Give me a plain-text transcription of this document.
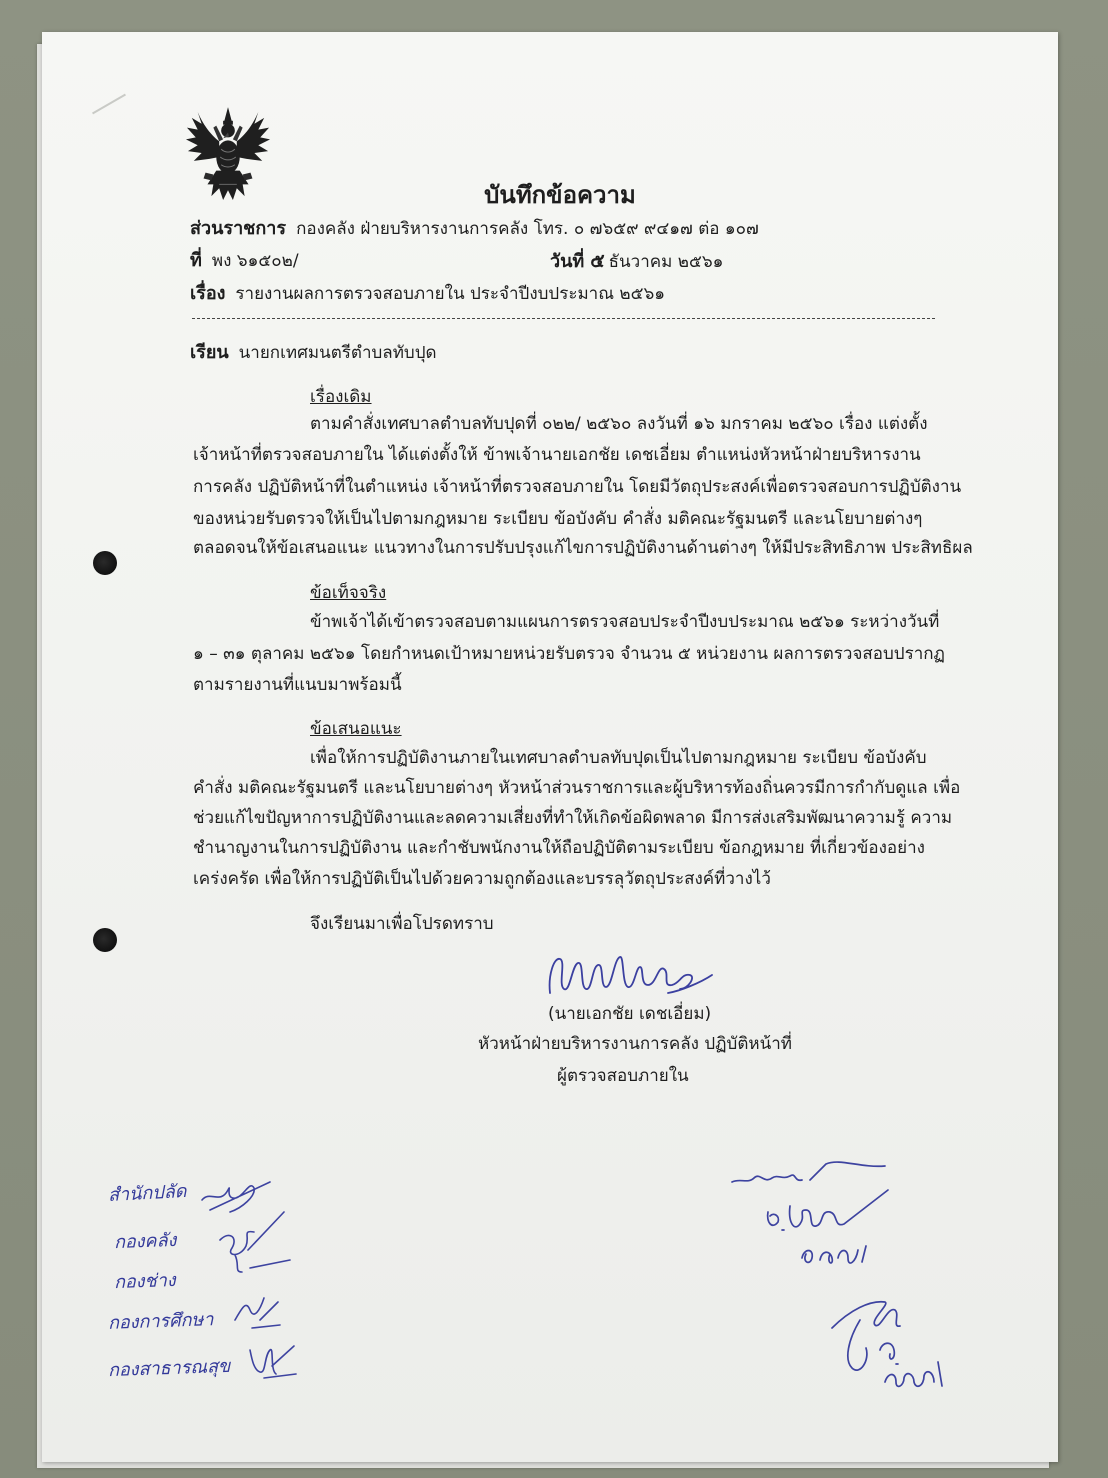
บันทึกข้อความ
ส่วนราชการ กองคลัง ฝ่ายบริหารงานการคลัง โทร. ๐ ๗๖๕๙ ๙๔๑๗ ต่อ ๑๐๗
ที่ พง ๖๑๕๐๒/	วันที่ ๕ ธันวาคม ๒๕๖๑
เรื่อง รายงานผลการตรวจสอบภายใน ประจำปีงบประมาณ ๒๕๖๑
เรียน นายกเทศมนตรีตำบลทับปุด
เรื่องเดิม
ตามคำสั่งเทศบาลตำบลทับปุดที่ ๐๒๒/ ๒๕๖๐ ลงวันที่ ๑๖ มกราคม ๒๕๖๐ เรื่อง แต่งตั้ง
เจ้าหน้าที่ตรวจสอบภายใน ได้แต่งตั้งให้ ข้าพเจ้านายเอกชัย เดชเอี่ยม ตำแหน่งหัวหน้าฝ่ายบริหารงาน
การคลัง ปฏิบัติหน้าที่ในตำแหน่ง เจ้าหน้าที่ตรวจสอบภายใน โดยมีวัตถุประสงค์เพื่อตรวจสอบการปฏิบัติงาน
ของหน่วยรับตรวจให้เป็นไปตามกฎหมาย ระเบียบ ข้อบังคับ คำสั่ง มติคณะรัฐมนตรี และนโยบายต่างๆ
ตลอดจนให้ข้อเสนอแนะ แนวทางในการปรับปรุงแก้ไขการปฏิบัติงานด้านต่างๆ ให้มีประสิทธิภาพ ประสิทธิผล
ข้อเท็จจริง
ข้าพเจ้าได้เข้าตรวจสอบตามแผนการตรวจสอบประจำปีงบประมาณ ๒๕๖๑ ระหว่างวันที่
๑ – ๓๑ ตุลาคม ๒๕๖๑ โดยกำหนดเป้าหมายหน่วยรับตรวจ จำนวน ๕ หน่วยงาน ผลการตรวจสอบปรากฏ
ตามรายงานที่แนบมาพร้อมนี้
ข้อเสนอแนะ
เพื่อให้การปฏิบัติงานภายในเทศบาลตำบลทับปุดเป็นไปตามกฎหมาย ระเบียบ ข้อบังคับ
คำสั่ง มติคณะรัฐมนตรี และนโยบายต่างๆ หัวหน้าส่วนราชการและผู้บริหารท้องถิ่นควรมีการกำกับดูแล เพื่อ
ช่วยแก้ไขปัญหาการปฏิบัติงานและลดความเสี่ยงที่ทำให้เกิดข้อผิดพลาด มีการส่งเสริมพัฒนาความรู้ ความ
ชำนาญงานในการปฏิบัติงาน และกำชับพนักงานให้ถือปฏิบัติตามระเบียบ ข้อกฎหมาย ที่เกี่ยวข้องอย่าง
เคร่งครัด เพื่อให้การปฏิบัติเป็นไปด้วยความถูกต้องและบรรลุวัตถุประสงค์ที่วางไว้
จึงเรียนมาเพื่อโปรดทราบ
(นายเอกชัย เดชเอี่ยม)
หัวหน้าฝ่ายบริหารงานการคลัง ปฏิบัติหน้าที่
ผู้ตรวจสอบภายใน
สำนักปลัด
กองคลัง
กองช่าง
กองการศึกษา
กองสาธารณสุข
